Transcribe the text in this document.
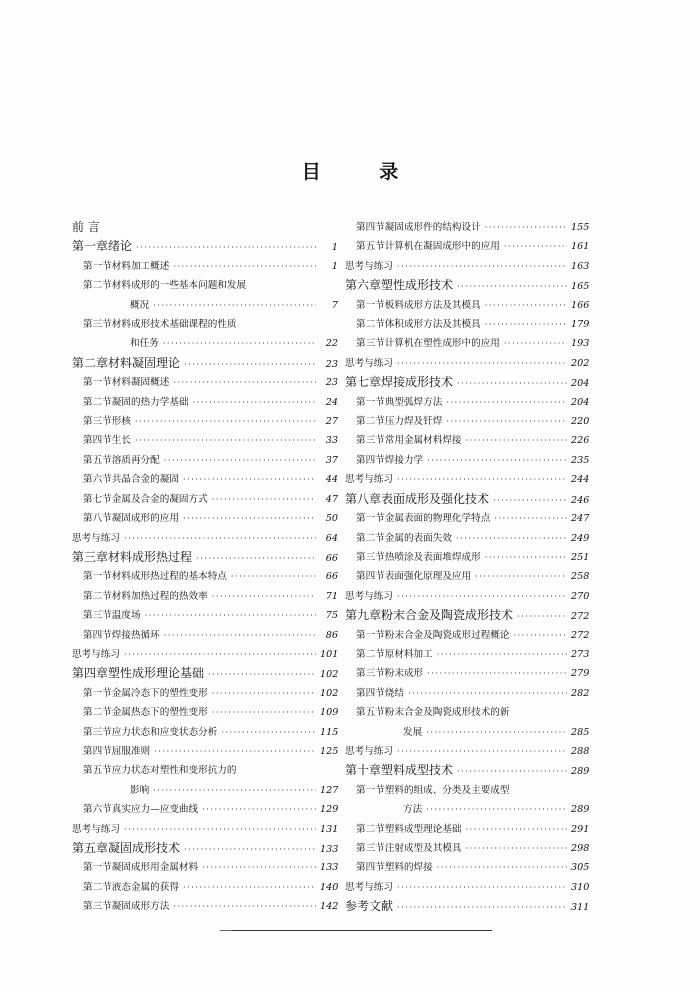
目 录
前 言
第一章 绪论 ·····	1
第一节 材料加工概述 ·····	1
第二节 材料成形的一些基本问题和发展
概况 ·····	7
第三节 材料成形技术基础课程的性质
和任务 ·····	22
第二章 材料凝固理论 ·····	23
第一节 材料凝固概述 ·····	23
第二节 凝固的热力学基础 ·····	24
第三节 形核 ·····	27
第四节 生长 ·····	33
第五节 溶质再分配 ·····	37
第六节 共晶合金的凝固 ·····	44
第七节 金属及合金的凝固方式 ·····	47
第八节 凝固成形的应用 ·····	50
思考与练习 ·····	64
第三章 材料成形热过程 ·····	66
第一节 材料成形热过程的基本特点 ·····	66
第二节 材料加热过程的热效率 ·····	71
第三节 温度场 ·····	75
第四节 焊接热循环 ·····	86
思考与练习 ·····	101
第四章 塑性成形理论基础 ·····	102
第一节 金属冷态下的塑性变形 ·····	102
第二节 金属热态下的塑性变形 ·····	109
第三节 应力状态和应变状态分析 ·····	115
第四节 屈服准则 ·····	125
第五节 应力状态对塑性和变形抗力的
影响 ·····	127
第六节 真实应力—应变曲线 ·····	129
思考与练习 ·····	131
第五章 凝固成形技术 ·····	133
第一节 凝固成形用金属材料 ·····	133
第二节 液态金属的获得 ·····	140
第三节 凝固成形方法 ·····	142
第四节 凝固成形件的结构设计 ·····	155
第五节 计算机在凝固成形中的应用 ·····	161
思考与练习 ·····	163
第六章 塑性成形技术 ·····	165
第一节 板料成形方法及其模具 ·····	166
第二节 体积成形方法及其模具 ·····	179
第三节 计算机在塑性成形中的应用 ·····	193
思考与练习 ·····	202
第七章 焊接成形技术 ·····	204
第一节 典型弧焊方法 ·····	204
第二节 压力焊及钎焊 ·····	220
第三节 常用金属材料焊接 ·····	226
第四节 焊接力学 ·····	235
思考与练习 ·····	244
第八章 表面成形及强化技术 ·····	246
第一节 金属表面的物理化学特点 ·····	247
第二节 金属的表面失效 ·····	249
第三节 热喷涂及表面堆焊成形 ·····	251
第四节 表面强化原理及应用 ·····	258
思考与练习 ·····	270
第九章 粉末合金及陶瓷成形技术 ·····	272
第一节 粉末合金及陶瓷成形过程概论 ·····	272
第二节 原材料加工 ·····	273
第三节 粉末成形 ·····	279
第四节 烧结 ·····	282
第五节 粉末合金及陶瓷成形技术的新
发展 ·····	285
思考与练习 ·····	288
第十章 塑料成型技术 ·····	289
第一节 塑料的组成、分类及主要成型
方法 ·····	289
第二节 塑料成型理论基础 ·····	291
第三节 注射成型及其模具 ·····	298
第四节 塑料的焊接 ·····	305
思考与练习 ·····	310
参考文献 ·····	311
